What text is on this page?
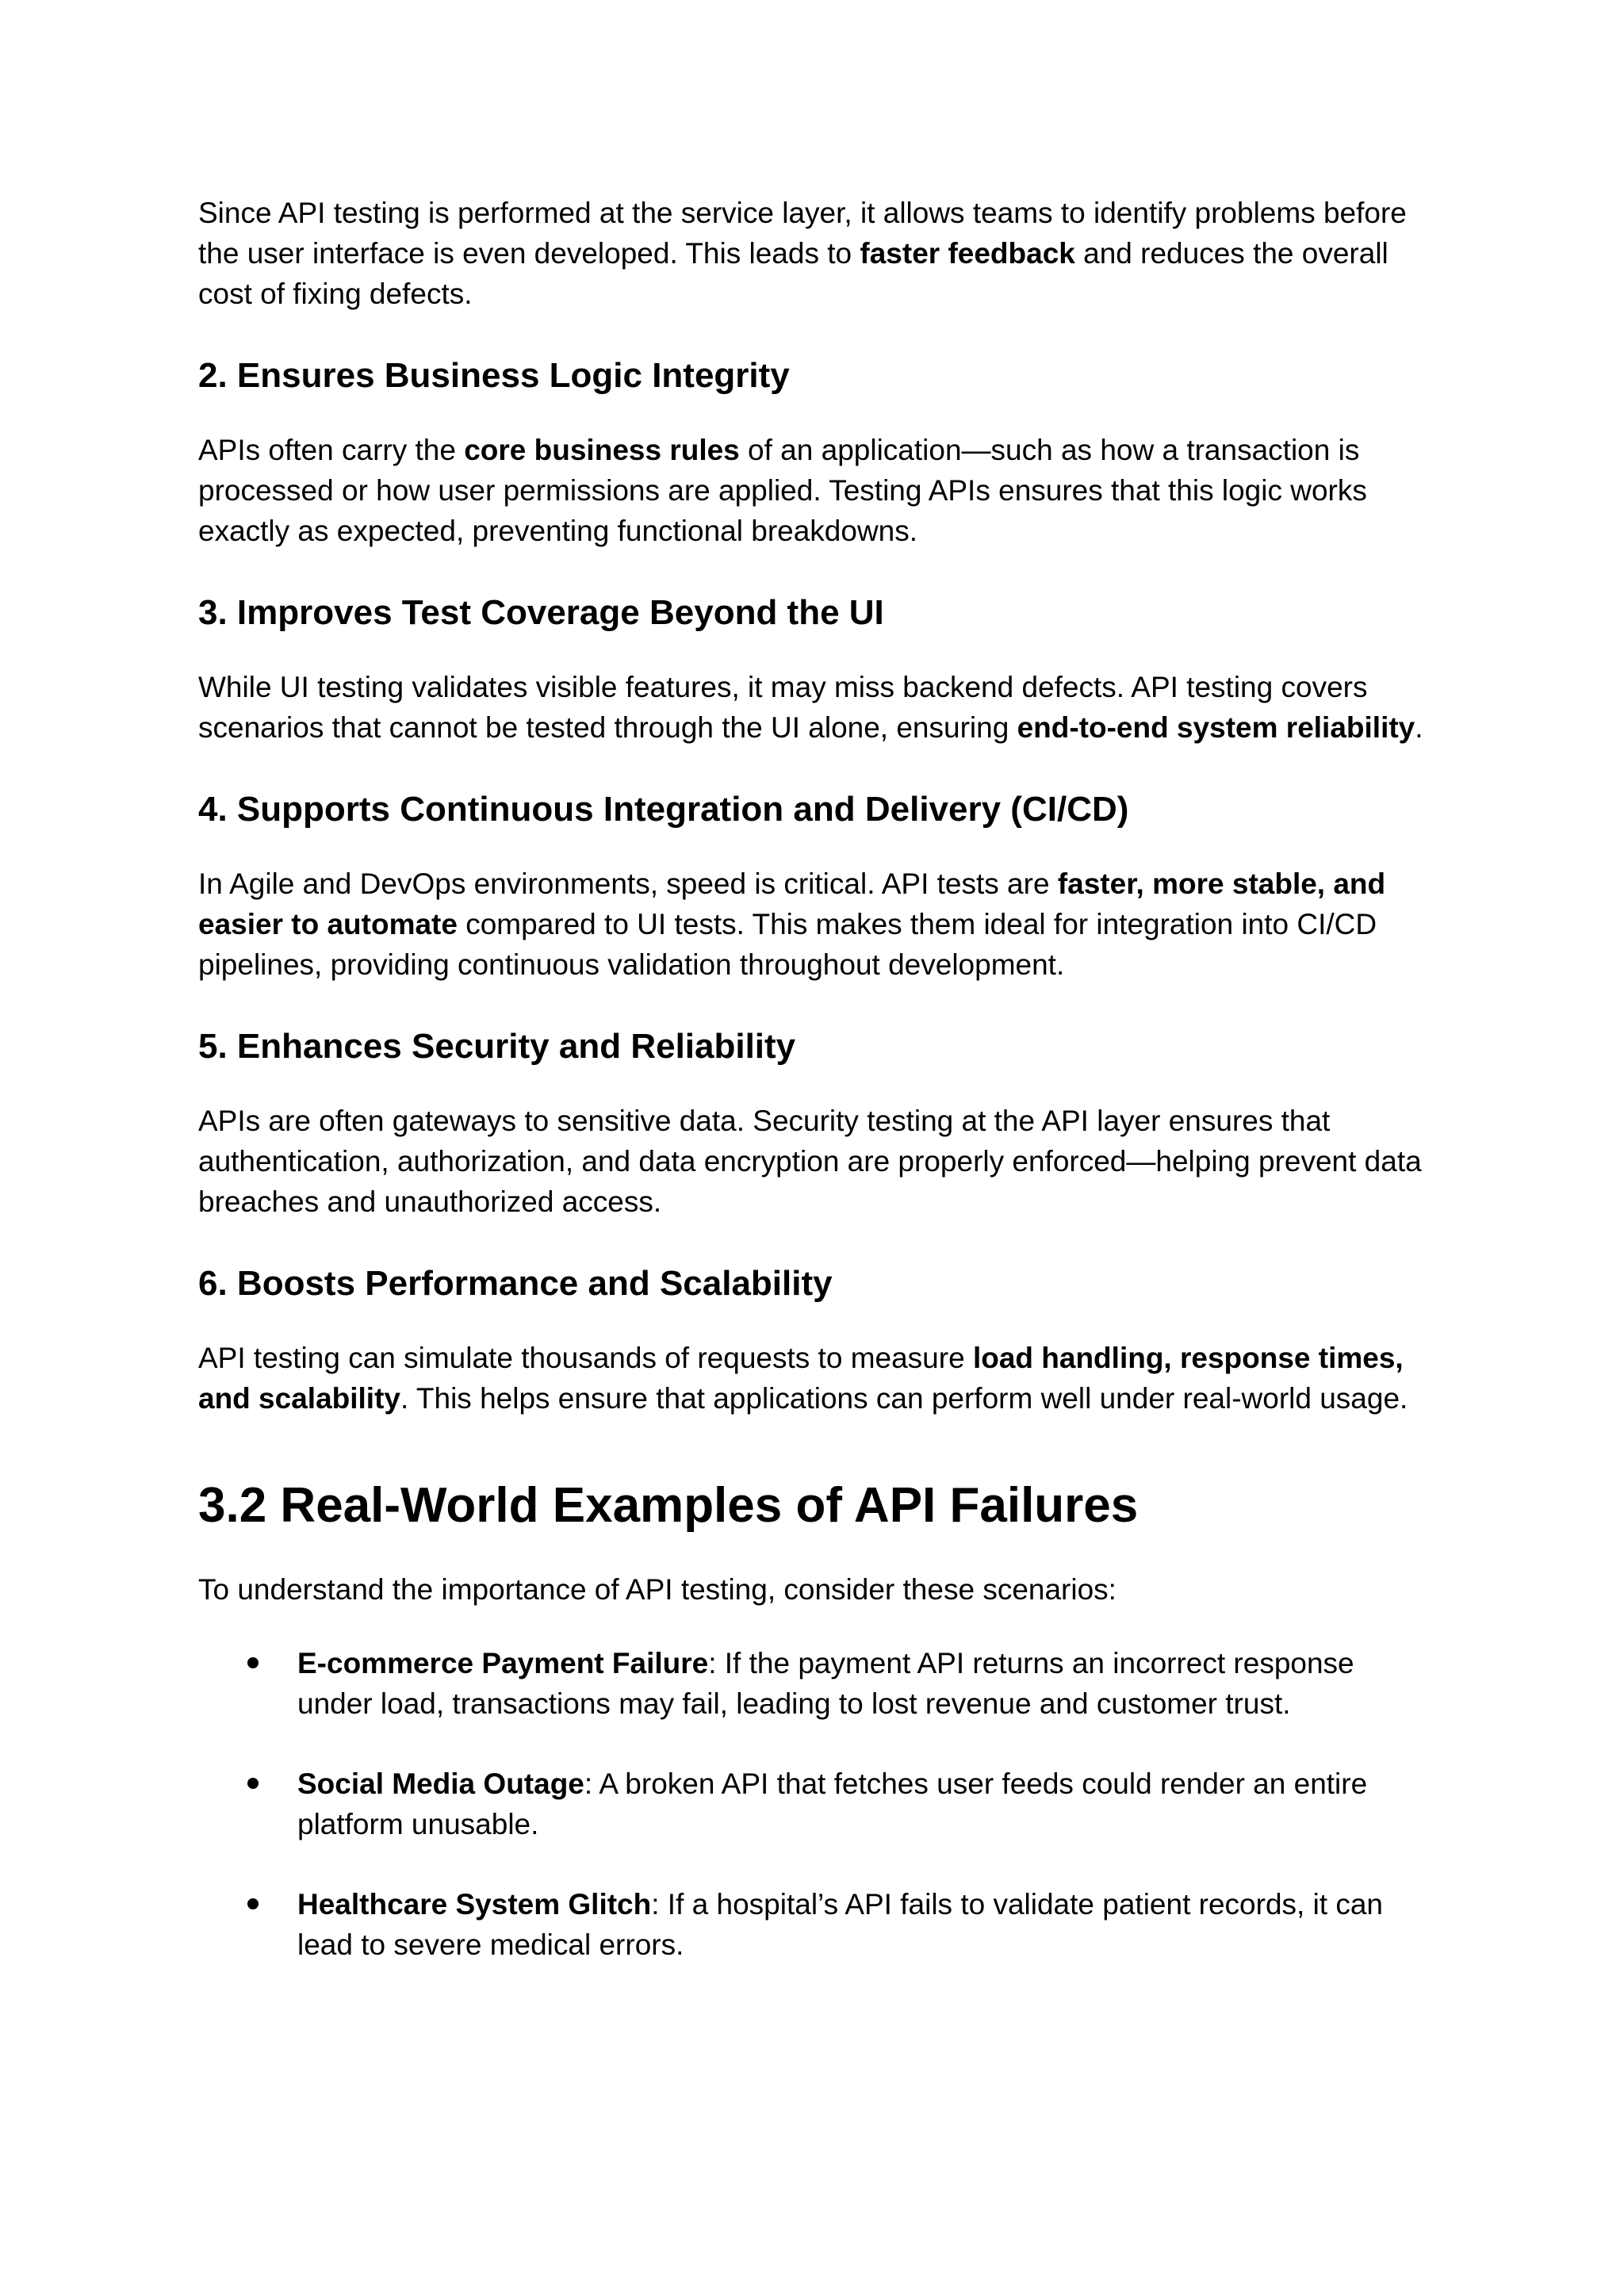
Since API testing is performed at the service layer, it allows teams to identify problems before the user interface is even developed. This leads to faster feedback and reduces the overall cost of fixing defects.

2. Ensures Business Logic Integrity

APIs often carry the core business rules of an application—such as how a transaction is processed or how user permissions are applied. Testing APIs ensures that this logic works exactly as expected, preventing functional breakdowns.

3. Improves Test Coverage Beyond the UI

While UI testing validates visible features, it may miss backend defects. API testing covers scenarios that cannot be tested through the UI alone, ensuring end-to-end system reliability.

4. Supports Continuous Integration and Delivery (CI/CD)

In Agile and DevOps environments, speed is critical. API tests are faster, more stable, and easier to automate compared to UI tests. This makes them ideal for integration into CI/CD pipelines, providing continuous validation throughout development.

5. Enhances Security and Reliability

APIs are often gateways to sensitive data. Security testing at the API layer ensures that authentication, authorization, and data encryption are properly enforced—helping prevent data breaches and unauthorized access.

6. Boosts Performance and Scalability

API testing can simulate thousands of requests to measure load handling, response times, and scalability. This helps ensure that applications can perform well under real-world usage.

3.2 Real-World Examples of API Failures

To understand the importance of API testing, consider these scenarios:

E-commerce Payment Failure: If the payment API returns an incorrect response under load, transactions may fail, leading to lost revenue and customer trust.
Social Media Outage: A broken API that fetches user feeds could render an entire platform unusable.
Healthcare System Glitch: If a hospital’s API fails to validate patient records, it can lead to severe medical errors.
